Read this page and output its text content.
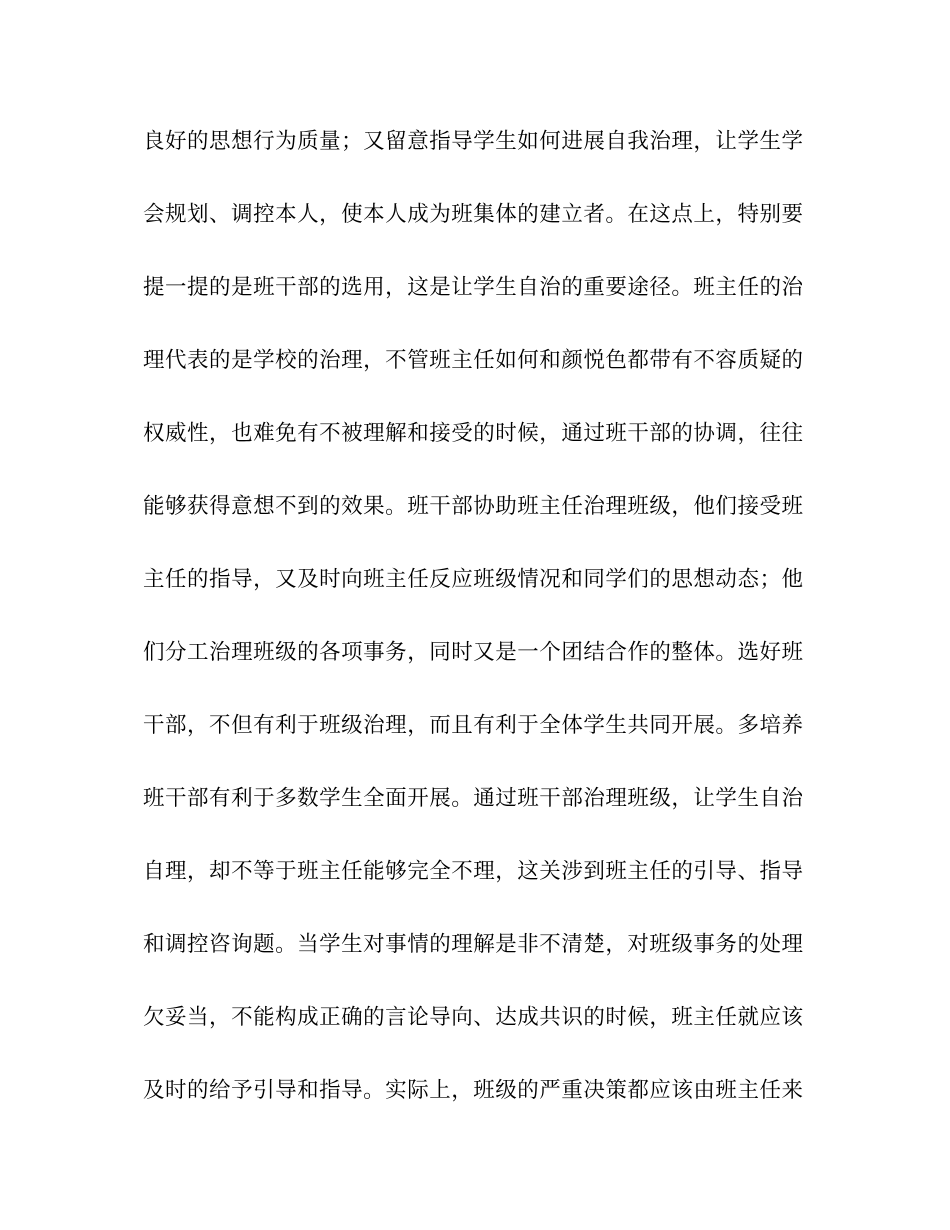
良好的思想行为质量；又留意指导学生如何进展自我治理，让学生学
会规划、调控本人，使本人成为班集体的建立者。在这点上，特别要
提一提的是班干部的选用，这是让学生自治的重要途径。班主任的治
理代表的是学校的治理，不管班主任如何和颜悦色都带有不容质疑的
权威性，也难免有不被理解和接受的时候，通过班干部的协调，往往
能够获得意想不到的效果。班干部协助班主任治理班级，他们接受班
主任的指导，又及时向班主任反应班级情况和同学们的思想动态；他
们分工治理班级的各项事务，同时又是一个团结合作的整体。选好班
干部，不但有利于班级治理，而且有利于全体学生共同开展。多培养
班干部有利于多数学生全面开展。通过班干部治理班级，让学生自治
自理，却不等于班主任能够完全不理，这关涉到班主任的引导、指导
和调控咨询题。当学生对事情的理解是非不清楚，对班级事务的处理
欠妥当，不能构成正确的言论导向、达成共识的时候，班主任就应该
及时的给予引导和指导。实际上，班级的严重决策都应该由班主任来
